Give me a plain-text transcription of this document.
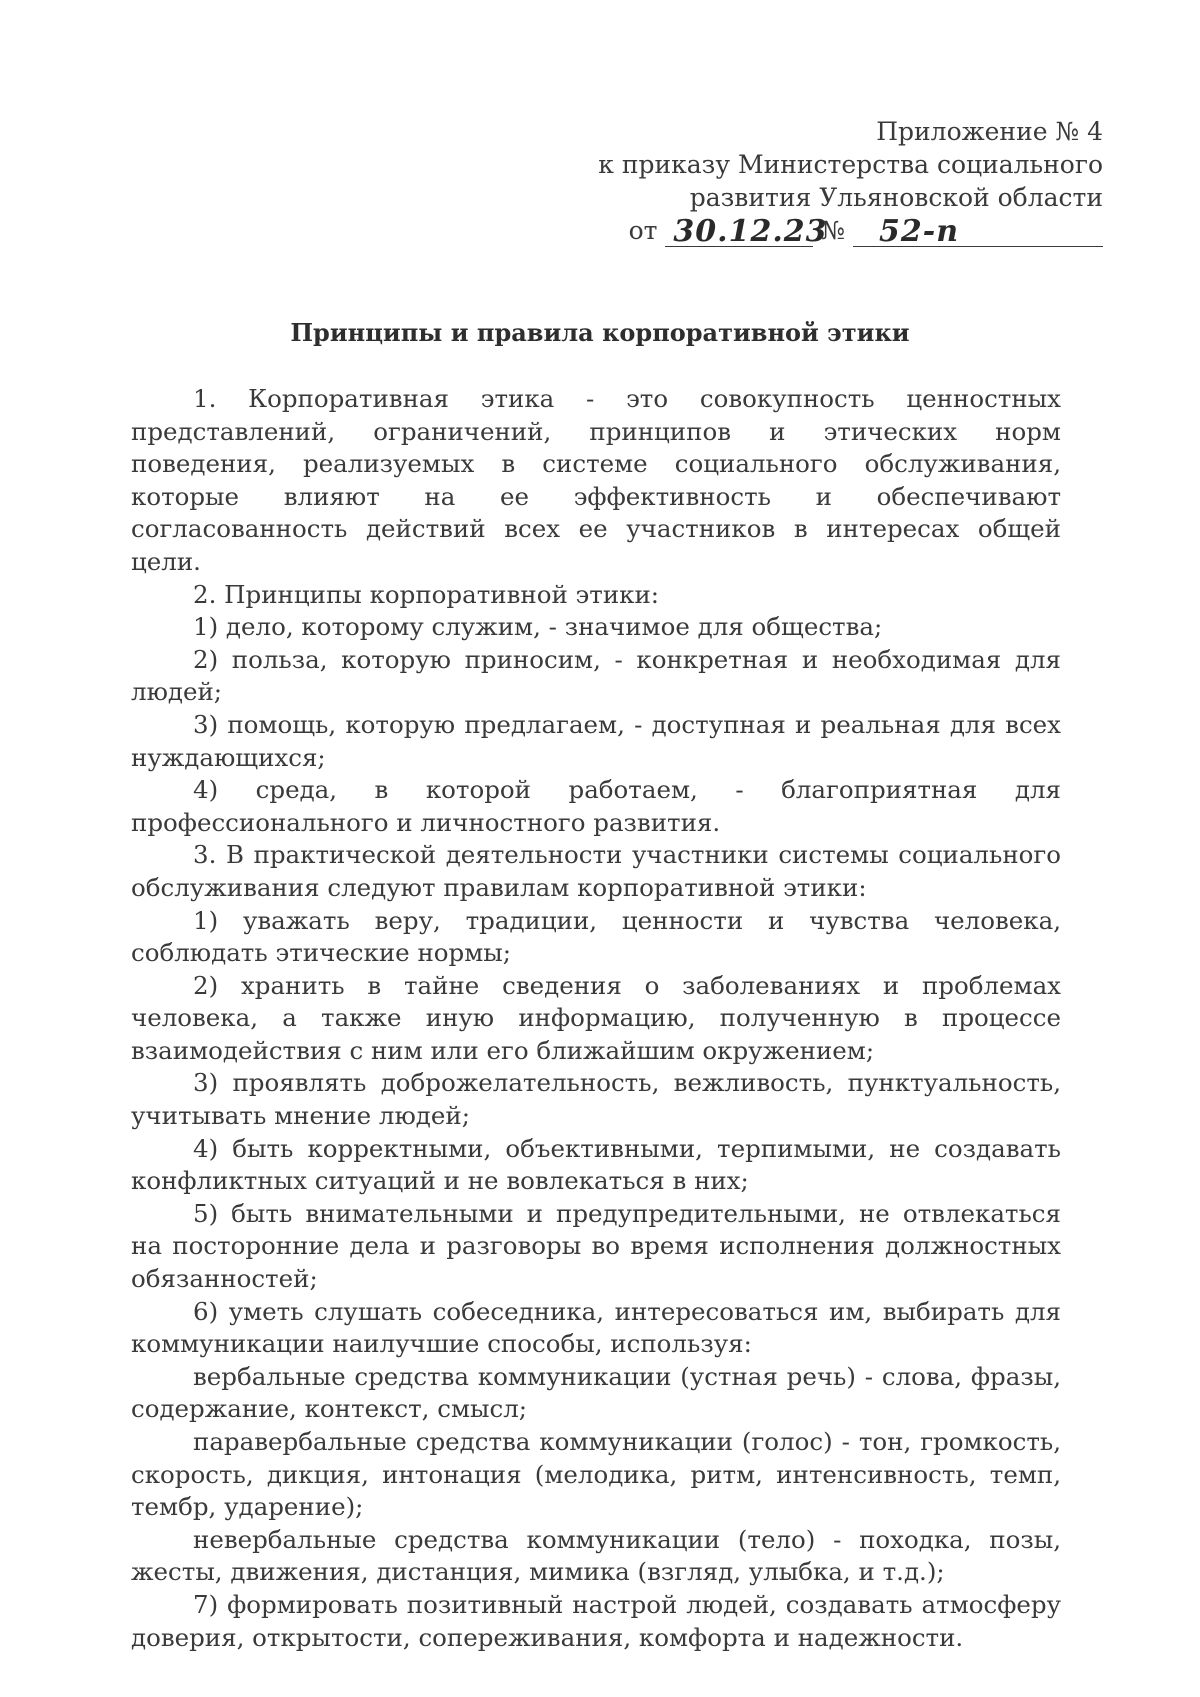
Приложение № 4
к приказу Министерства социального
развития Ульяновской области
от 30.12.23
№ 52-п
Принципы и правила корпоративной этики

1. Корпоративная этика - это совокупность ценностных представлений, ограничений, принципов и этических норм поведения, реализуемых в системе социального обслуживания, которые влияют на ее эффективность и обеспечивают согласованность действий всех ее участников в интересах общей цели.

2. Принципы корпоративной этики:

1) дело, которому служим, - значимое для общества;

2) польза, которую приносим, - конкретная и необходимая для людей;

3) помощь, которую предлагаем, - доступная и реальная для всех нуждающихся;

4) среда, в которой работаем, - благоприятная для профессионального и личностного развития.

3. В практической деятельности участники системы социального обслуживания следуют правилам корпоративной этики:

1) уважать веру, традиции, ценности и чувства человека, соблюдать этические нормы;

2) хранить в тайне сведения о заболеваниях и проблемах человека, а также иную информацию, полученную в процессе взаимодействия с ним или его ближайшим окружением;

3) проявлять доброжелательность, вежливость, пунктуальность, учитывать мнение людей;

4) быть корректными, объективными, терпимыми, не создавать конфликтных ситуаций и не вовлекаться в них;

5) быть внимательными и предупредительными, не отвлекаться на посторонние дела и разговоры во время исполнения должностных обязанностей;

6) уметь слушать собеседника, интересоваться им, выбирать для коммуникации наилучшие способы, используя:

вербальные средства коммуникации (устная речь) - слова, фразы, содержание, контекст, смысл;

паравербальные средства коммуникации (голос) - тон, громкость, скорость, дикция, интонация (мелодика, ритм, интенсивность, темп, тембр, ударение);

невербальные средства коммуникации (тело) - походка, позы, жесты, движения, дистанция, мимика (взгляд, улыбка, и т.д.);

7) формировать позитивный настрой людей, создавать атмосферу доверия, открытости, сопереживания, комфорта и надежности.
